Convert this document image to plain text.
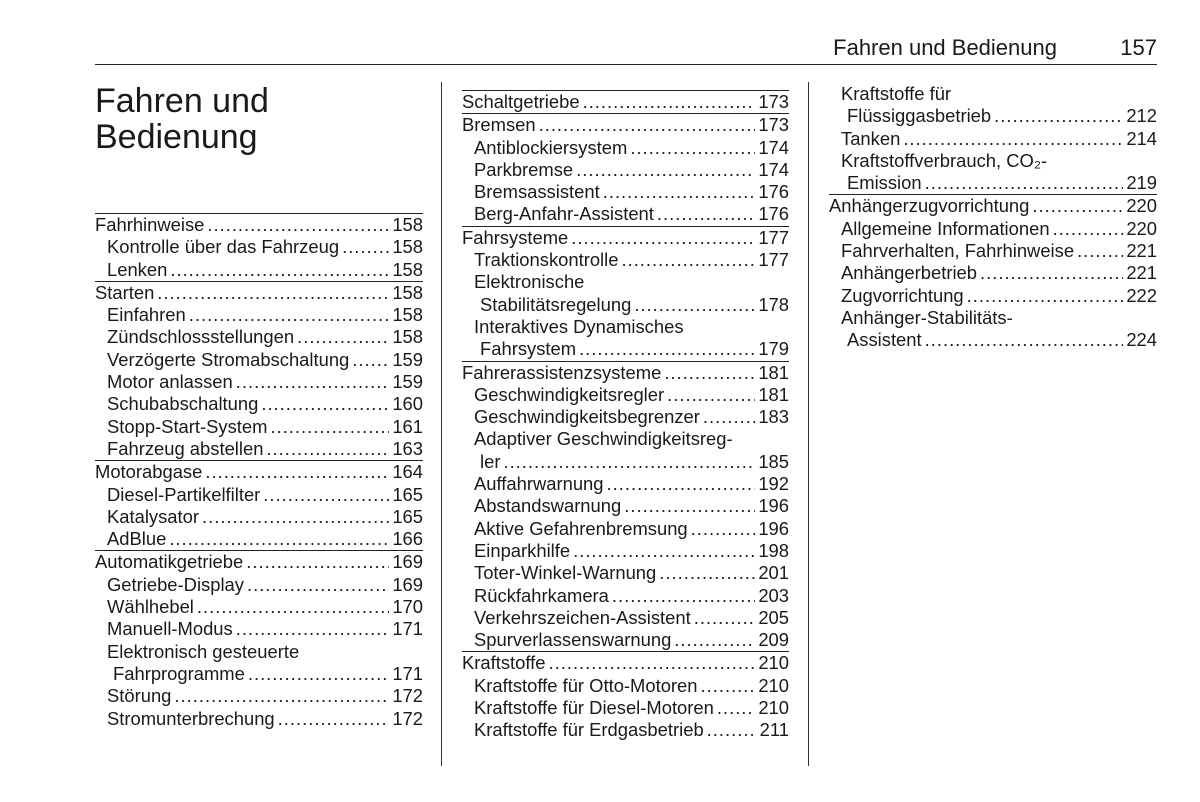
Fahren und Bedienung	157
Fahren und
Bedienung
Fahrhinweise .....	158
Kontrolle über das Fahrzeug .....	158
Lenken .....	158
Starten .....	158
Einfahren .....	158
Zündschlossstellungen .....	158
Verzögerte Stromabschaltung ..... 159
Motor anlassen .....	159
Schubabschaltung .....	160
Stopp-Start-System .....	161
Fahrzeug abstellen .....	163
Motorabgase .....	164
Diesel-Partikelfilter .....	165
Katalysator .....	165
AdBlue .....	166
Automatikgetriebe .....	169
Getriebe-Display .....	169
Wählhebel .....	170
Manuell-Modus .....	171
Elektronisch gesteuerte
Fahrprogramme .....	171
Störung .....	172
Stromunterbrechung .....	172
Schaltgetriebe .....	173
Bremsen .....	173
Antiblockiersystem .....	174
Parkbremse .....	174
Bremsassistent .....	176
Berg-Anfahr-Assistent .....	176
Fahrsysteme .....	177
Traktionskontrolle .....	177
Elektronische
Stabilitätsregelung .....	178
Interaktives Dynamisches
Fahrsystem .....	179
Fahrerassistenzsysteme .....	181
Geschwindigkeitsregler .....	181
Geschwindigkeitsbegrenzer .....	183
Adaptiver Geschwindigkeitsreg-
ler .....	185
Auffahrwarnung .....	192
Abstandswarnung .....	196
Aktive Gefahrenbremsung .....	196
Einparkhilfe .....	198
Toter-Winkel-Warnung .....	201
Rückfahrkamera .....	203
Verkehrszeichen-Assistent .....	205
Spurverlassenswarnung .....	209
Kraftstoffe .....	210
Kraftstoffe für Otto-Motoren .....	210
Kraftstoffe für Diesel-Motoren ..... 210
Kraftstoffe für Erdgasbetrieb .....	211
Kraftstoffe für
Flüssiggasbetrieb .....	212
Tanken .....	214
Kraftstoffverbrauch, CO₂-
Emission .....	219
Anhängerzugvorrichtung .....	220
Allgemeine Informationen .....	220
Fahrverhalten, Fahrhinweise .....	221
Anhängerbetrieb .....	221
Zugvorrichtung .....	222
Anhänger-Stabilitäts-
Assistent .....	224
